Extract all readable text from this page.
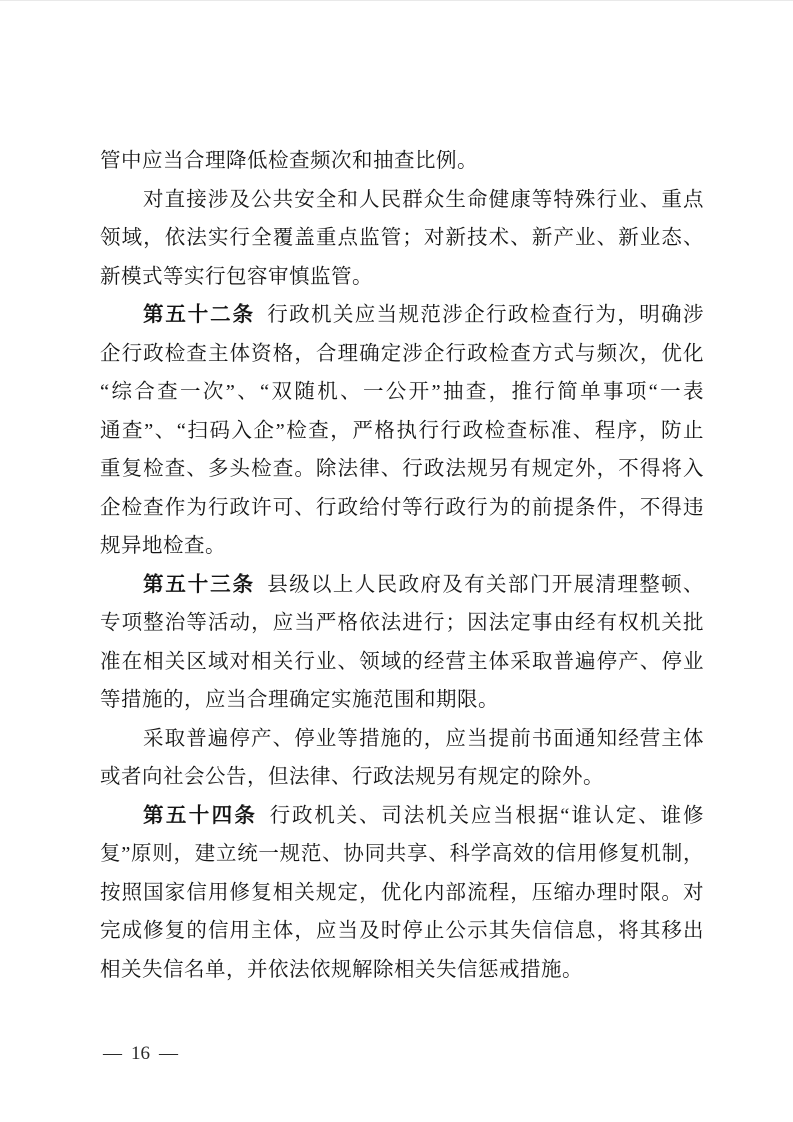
管中应当合理降低检查频次和抽查比例。
对直接涉及公共安全和人民群众生命健康等特殊行业、重点
领域，依法实行全覆盖重点监管；对新技术、新产业、新业态、
新模式等实行包容审慎监管。
第五十二条 行政机关应当规范涉企行政检查行为，明确涉
企行政检查主体资格，合理确定涉企行政检查方式与频次，优化
“综合查一次”、“双随机、一公开”抽查，推行简单事项“一表
通查”、“扫码入企”检查，严格执行行政检查标准、程序，防止
重复检查、多头检查。除法律、行政法规另有规定外，不得将入
企检查作为行政许可、行政给付等行政行为的前提条件，不得违
规异地检查。
第五十三条 县级以上人民政府及有关部门开展清理整顿、
专项整治等活动，应当严格依法进行；因法定事由经有权机关批
准在相关区域对相关行业、领域的经营主体采取普遍停产、停业
等措施的，应当合理确定实施范围和期限。
采取普遍停产、停业等措施的，应当提前书面通知经营主体
或者向社会公告，但法律、行政法规另有规定的除外。
第五十四条 行政机关、司法机关应当根据“谁认定、谁修
复”原则，建立统一规范、协同共享、科学高效的信用修复机制，
按照国家信用修复相关规定，优化内部流程，压缩办理时限。对
完成修复的信用主体，应当及时停止公示其失信信息，将其移出
相关失信名单，并依法依规解除相关失信惩戒措施。
— 16 —
